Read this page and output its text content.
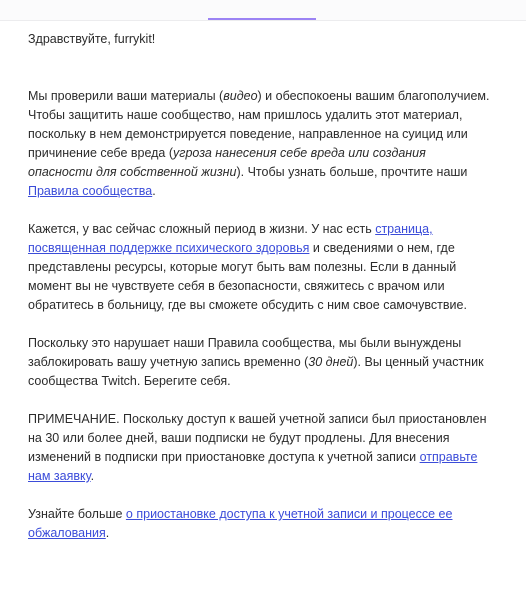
Здравствуйте, furrykit!

Мы проверили ваши материалы (видео) и обеспокоены вашим благополучием. Чтобы защитить наше сообщество, нам пришлось удалить этот материал, поскольку в нем демонстрируется поведение, направленное на суицид или причинение себе вреда (угроза нанесения себе вреда или создания опасности для собственной жизни). Чтобы узнать больше, прочтите наши Правила сообщества.

Кажется, у вас сейчас сложный период в жизни. У нас есть страница, посвященная поддержке психического здоровья и сведениями о нем, где представлены ресурсы, которые могут быть вам полезны. Если в данный момент вы не чувствуете себя в безопасности, свяжитесь с врачом или обратитесь в больницу, где вы сможете обсудить с ним свое самочувствие.

Поскольку это нарушает наши Правила сообщества, мы были вынуждены заблокировать вашу учетную запись временно (30 дней). Вы ценный участник сообщества Twitch. Берегите себя.

ПРИМЕЧАНИЕ. Поскольку доступ к вашей учетной записи был приостановлен на 30 или более дней, ваши подписки не будут продлены. Для внесения изменений в подписки при приостановке доступа к учетной записи отправьте нам заявку.

Узнайте больше о приостановке доступа к учетной записи и процессе ее обжалования.
